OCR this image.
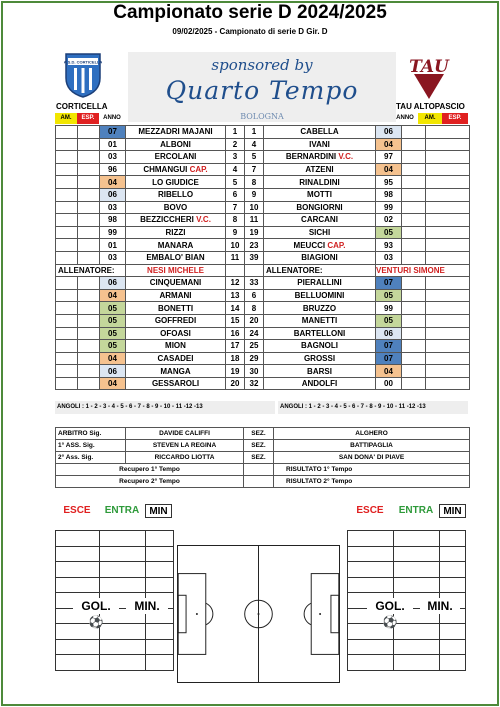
Campionato serie D 2024/2025
09/02/2025 - Campionato di serie D Gir. D
A.S.D. CORTICELLA	sponsored by
Quarto Tempo
BOLOGNA
TAU
CORTICELLA	TAU ALTOPASCIO
AM.	ESP.	ANNO	ANNO	AM.	ESP.
		07	MEZZADRI MAJANI	1	1	CABELLA	06		
		01	ALBONI	2	4	IVANI	04		
		03	ERCOLANI	3	5	BERNARDINI V.C.	97		
		96	CHMANGUI CAP.	4	7	ATZENI	04		
		04	LO GIUDICE	5	8	RINALDINI	95		
		06	RIBELLO	6	9	MOTTI	98		
		03	BOVO	7	10	BONGIORNI	99		
		98	BEZZICCHERI V.C.	8	11	CARCANI	02		
		99	RIZZI	9	19	SICHI	05		
		01	MANARA	10	23	MEUCCI CAP.	93		
		03	EMBALO' BIAN	11	39	BIAGIONI	03		
ALLENATORE:			NESI MICHELE			ALLENATORE:	VENTURI SIMONE		
		06	CINQUEMANI	12	33	PIERALLINI	07		
		04	ARMANI	13	6	BELLUOMINI	05		
		05	BONETTI	14	8	BRUZZO	99		
		05	GOFFREDI	15	20	MANETTI	05		
		05	OFOASI	16	24	BARTELLONI	06		
		05	MION	17	25	BAGNOLI	07		
		04	CASADEI	18	29	GROSSI	07		
		06	MANGA	19	30	BARSI	04		
		04	GESSAROLI	20	32	ANDOLFI	00		
ANGOLI : 1 - 2 - 3 - 4 - 5 - 6 - 7 - 8 - 9 - 10 - 11 -12 -13	ANGOLI : 1 - 2 - 3 - 4 - 5 - 6 - 7 - 8 - 9 - 10 - 11 -12 -13
ARBITRO Sig.	DAVIDE CALIFFI	SEZ.	ALGHERO
1° ASS. Sig.	STEVEN LA REGINA	SEZ.	BATTIPAGLIA
2° Ass. Sig.	RICCARDO LIOTTA	SEZ.	SAN DONA' DI PIAVE
Recupero 1° Tempo			RISULTATO 1° Tempo
Recupero 2° Tempo			RISULTATO 2° Tempo
ESCE	ENTRA	MIN	ESCE	ENTRA	MIN

GOL. ⚽
MIN.	GOL. ⚽
MIN.
